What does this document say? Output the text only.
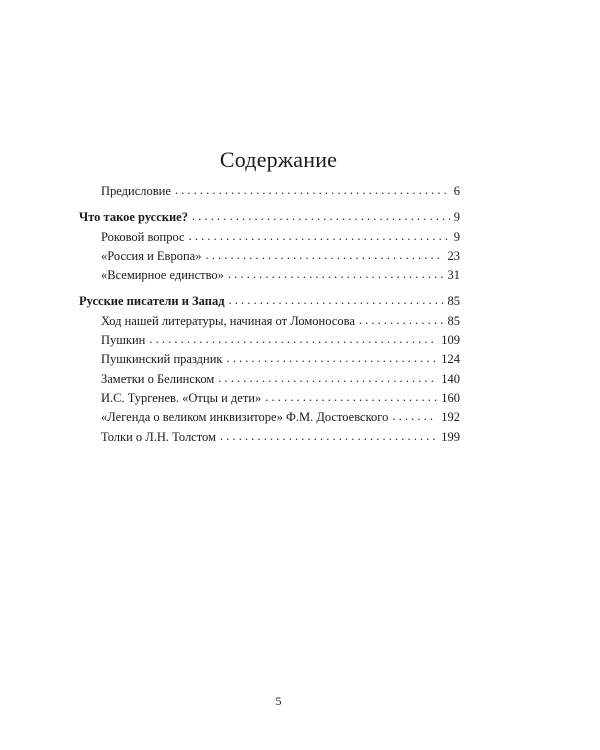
Содержание
Предисловие . . .	6
Что такое русские? . . .	9
Роковой вопрос . . .	9
«Россия и Европа» . . .	23
«Всемирное единство» . . .	31
Русские писатели и Запад . . .	85
Ход нашей литературы, начиная от Ломоносова . . .	85
Пушкин . . .	109
Пушкинский праздник . . .	124
Заметки о Белинском . . .	140
И.С. Тургенев. «Отцы и дети» . . .	160
«Легенда о великом инквизиторе» Ф.М. Достоевского . . .	192
Толки о Л.Н. Толстом . . .	199
5
